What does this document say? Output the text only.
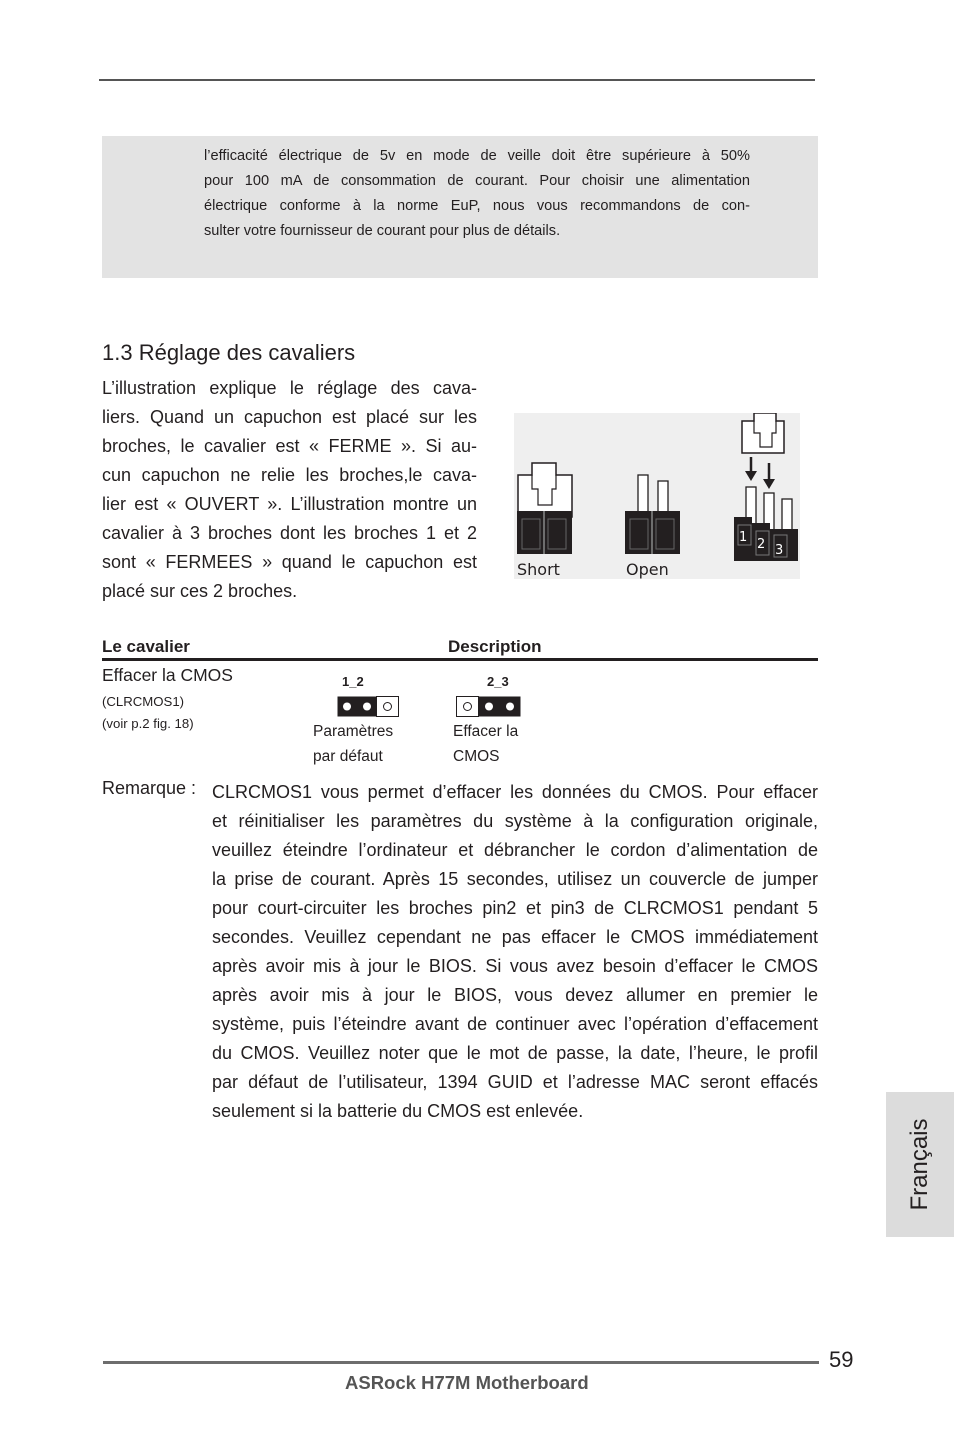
l’efficacité électrique de 5v en mode de veille doit être supérieure à 50%
pour 100 mA de consommation de courant. Pour choisir une alimentation
électrique conforme à la norme EuP, nous vous recommandons de con-
sulter votre fournisseur de courant pour plus de détails.
1.3 Réglage des cavaliers
L’illustration explique le réglage des cava-
liers. Quand un capuchon est placé sur les
broches, le cavalier est « FERME ». Si au-
cun capuchon ne relie les broches,le cava-
lier est « OUVERT ». L’illustration montre un
cavalier à 3 broches dont les broches 1 et 2
sont « FERMEES » quand le capuchon est
placé sur ces 2 broches.
Short	Open
1 2 3
Le cavalier	Description
Effacer la CMOS
(CLRCMOS1)
(voir p.2 fig. 18)
1_2
Paramètres
par défaut
2_3
Effacer la
CMOS
Remarque : CLRCMOS1 vous permet d’effacer les données du CMOS. Pour effacer
et réinitialiser les paramètres du système à la configuration originale,
veuillez éteindre l’ordinateur et débrancher le cordon d’alimentation de
la prise de courant. Après 15 secondes, utilisez un couvercle de jumper
pour court-circuiter les broches pin2 et pin3 de CLRCMOS1 pendant 5
secondes. Veuillez cependant ne pas effacer le CMOS immédiatement
après avoir mis à jour le BIOS. Si vous avez besoin d’effacer le CMOS
après avoir mis à jour le BIOS, vous devez allumer en premier le
système, puis l’éteindre avant de continuer avec l’opération d’effacement
du CMOS. Veuillez noter que le mot de passe, la date, l’heure, le profil
par défaut de l’utilisateur, 1394 GUID et l’adresse MAC seront effacés
seulement si la batterie du CMOS est enlevée.
Français
59
ASRock H77M Motherboard
